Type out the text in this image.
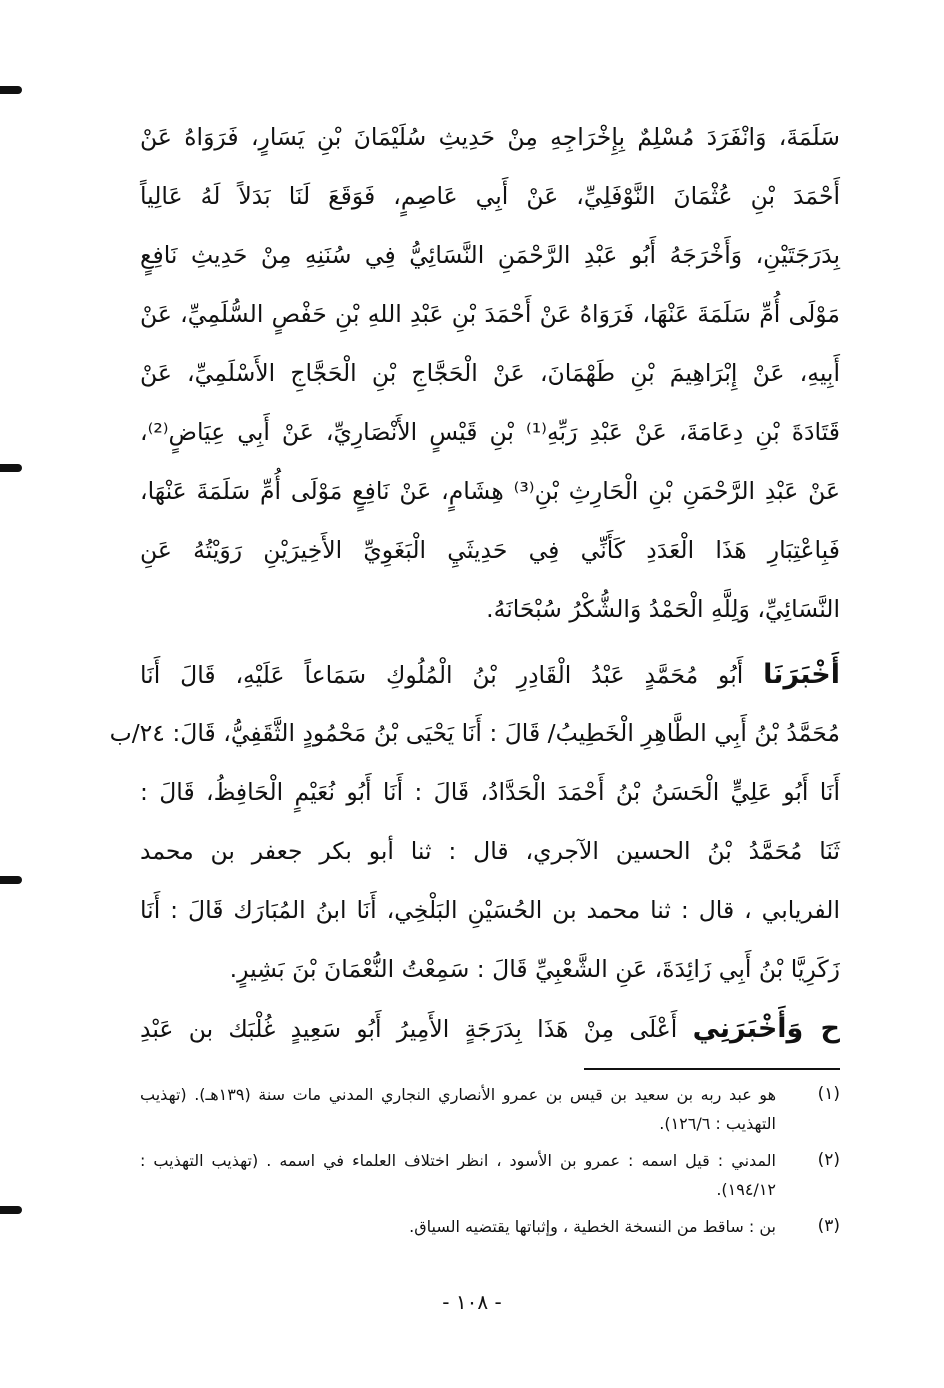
سَلَمَةَ، وَانْفَرَدَ مُسْلِمٌ بِإِخْرَاجِهِ مِنْ حَدِيثِ سُلَيْمَانَ بْنِ يَسَارٍ، فَرَوَاهُ عَنْ
أَحْمَدَ بْنِ عُثْمَانَ النَّوْفَلِيِّ، عَنْ أَبِي عَاصِمٍ، فَوَقَعَ لَنَا بَدَلاً لَهُ عَالِياً
بِدَرَجَتَيْنِ، وَأَخْرَجَهُ أَبُو عَبْدِ الرَّحْمَنِ النَّسَائِيُّ فِي سُنَنِهِ مِنْ حَدِيثِ نَافِعٍ
مَوْلَى أُمِّ سَلَمَةَ عَنْهَا، فَرَوَاهُ عَنْ أَحْمَدَ بْنِ عَبْدِ اللهِ بْنِ حَفْصٍ السُّلَمِيِّ، عَنْ
أَبِيهِ، عَنْ إِبْرَاهِيمَ بْنِ طَهْمَانَ، عَنْ الْحَجَّاجِ بْنِ الْحَجَّاجِ الأَسْلَمِيِّ، عَنْ
قَتَادَةَ بْنِ دِعَامَةَ، عَنْ عَبْدِ رَبِّهِ⁽¹⁾ بْنِ قَيْسٍ الأَنْصَارِيِّ، عَنْ أَبِي عِيَاضٍ⁽²⁾،
عَنْ عَبْدِ الرَّحْمَنِ بْنِ الْحَارِثِ بْنِ⁽³⁾ هِشَامٍ، عَنْ نَافِعٍ مَوْلَى أُمِّ سَلَمَةَ عَنْهَا،
فَبِاعْتِبَارِ هَذَا الْعَدَدِ كَأَنِّي فِي حَدِيثَيِ الْبَغَوِيِّ الأَخِيرَيْنِ رَوَيْتُهُ عَنِ
النَّسَائِيِّ، وَلِلَّهِ الْحَمْدُ وَالشُّكْرُ سُبْحَانَهُ.
أَخْبَرَنَا أَبُو مُحَمَّدٍ عَبْدُ الْقَادِرِ بْنُ الْمُلُوكِ سَمَاعاً عَلَيْهِ، قَالَ أَنَا
مُحَمَّدُ بْنُ أَبِي الطَّاهِرِ الْخَطِيبُ/ قَالَ : أَنَا يَحْيَى بْنُ مَحْمُودٍ الثَّقَفِيُّ، قَالَ: ٢٤/ب
أَنَا أَبُو عَلِيٍّ الْحَسَنُ بْنُ أَحْمَدَ الْحَدَّادُ، قَالَ : أَنَا أَبُو نُعَيْمٍ الْحَافِظُ، قَالَ :
ثَنَا مُحَمَّدُ بْنُ الحسين الآجري، قال : ثنا أبو بكر جعفر بن محمد
الفريابي ، قال : ثنا محمد بن الحُسَيْنِ البَلْخِي، أَنَا ابنُ المُبَارَك قَالَ : أَنَا
زَكَرِيَّا بْنُ أَبِي زَائِدَةَ، عَنِ الشَّعْبِيِّ قَالَ : سَمِعْتُ النُّعْمَانَ بْنَ بَشِيرٍ.
ح وَأَخْبَرَنِي أَعْلَى مِنْ هَذَا بِدَرَجَةٍ الأَمِيرُ أَبُو سَعِيدٍ غُلْبَك بن عَبْدِ
(١)
هو عبد ربه بن سعيد بن قيس بن عمرو الأنصاري النجاري المدني مات سنة (١٣٩هـ). (تهذيب التهذيب : ١٢٦/٦).
(٢)
المدني : قيل اسمه : عمرو بن الأسود ، انظر اختلاف العلماء في اسمه . (تهذيب التهذيب : ١٩٤/١٢).
(٣)
بن : ساقط من النسخة الخطية ، وإثباتها يقتضيه السياق.
- ١٠٨ -
